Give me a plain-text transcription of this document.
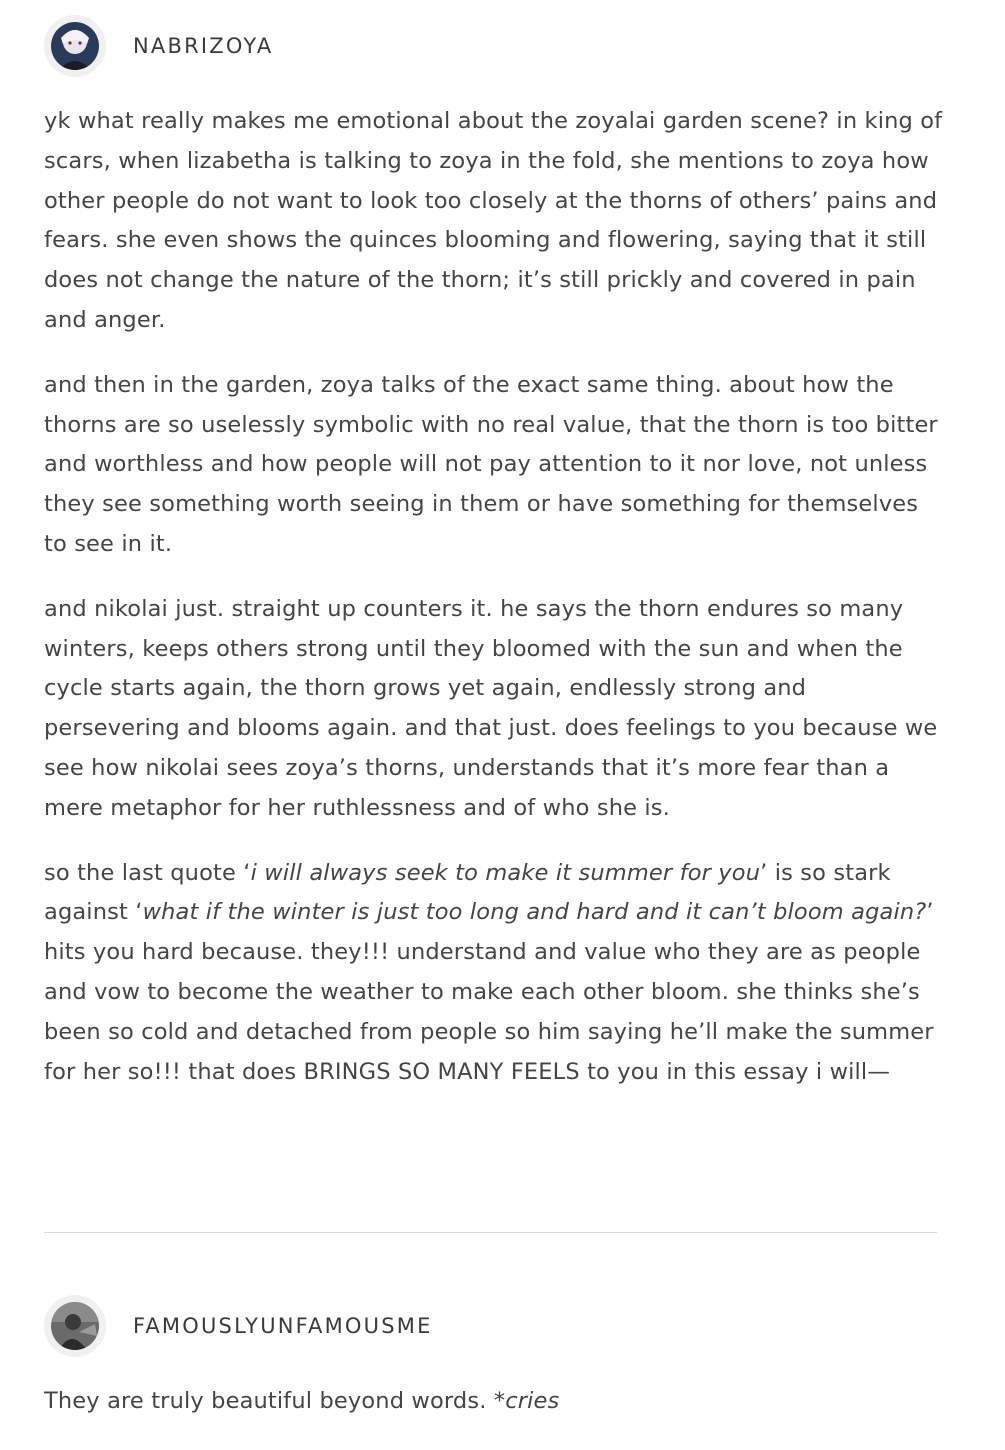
NABRIZOYA

yk what really makes me emotional about the zoyalai garden scene? in king of scars, when lizabetha is talking to zoya in the fold, she mentions to zoya how other people do not want to look too closely at the thorns of others’ pains and fears. she even shows the quinces blooming and flowering, saying that it still does not change the nature of the thorn; it’s still prickly and covered in pain and anger.

and then in the garden, zoya talks of the exact same thing. about how the thorns are so uselessly symbolic with no real value, that the thorn is too bitter and worthless and how people will not pay attention to it nor love, not unless they see something worth seeing in them or have something for themselves to see in it.

and nikolai just. straight up counters it. he says the thorn endures so many winters, keeps others strong until they bloomed with the sun and when the cycle starts again, the thorn grows yet again, endlessly strong and persevering and blooms again. and that just. does feelings to you because we see how nikolai sees zoya’s thorns, understands that it’s more fear than a mere metaphor for her ruthlessness and of who she is.

so the last quote ‘i will always seek to make it summer for you’ is so stark against ‘what if the winter is just too long and hard and it can’t bloom again?’ hits you hard because. they!!! understand and value who they are as people and vow to become the weather to make each other bloom. she thinks she’s been so cold and detached from people so him saying he’ll make the summer for her so!!! that does BRINGS SO MANY FEELS to you in this essay i will—

FAMOUSLYUNFAMOUSME

They are truly beautiful beyond words. *cries
